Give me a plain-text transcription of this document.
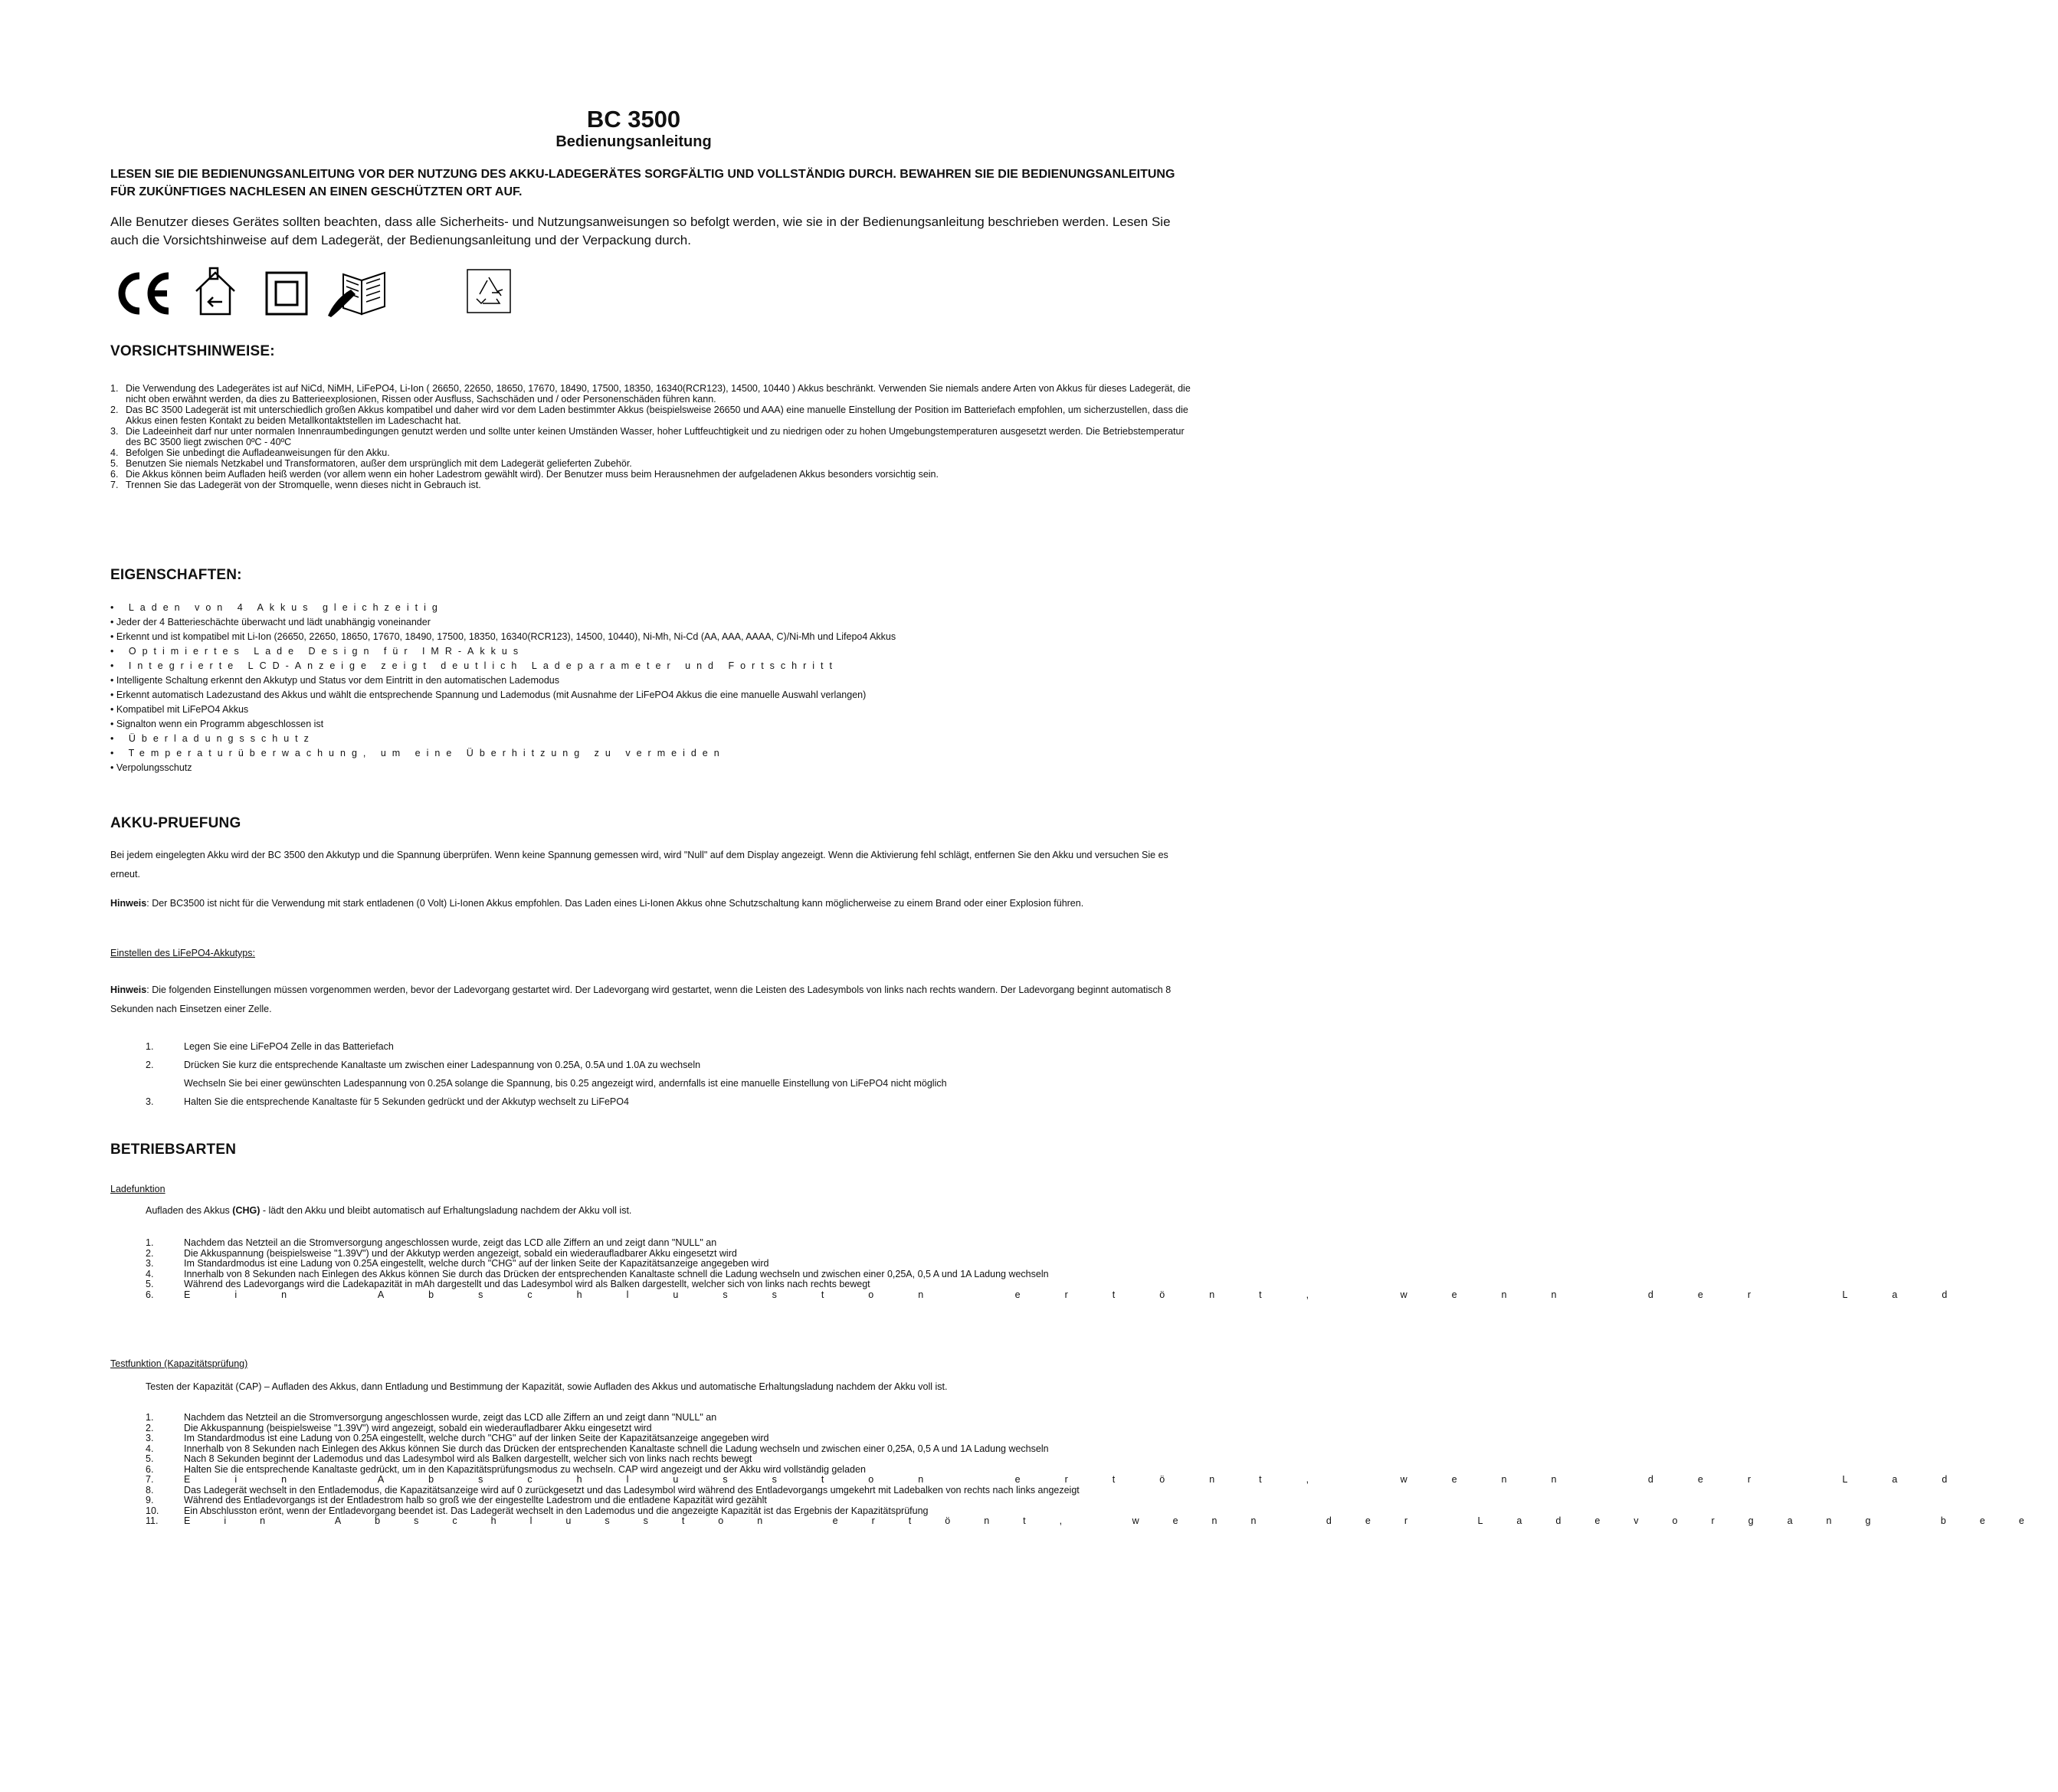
BC 3500
Bedienungsanleitung
LESEN SIE DIE BEDIENUNGSANLEITUNG VOR DER NUTZUNG DES AKKU-LADEGERÄTES SORGFÄLTIG UND VOLLSTÄNDIG DURCH. BEWAHREN SIE DIE BEDIENUNGSANLEITUNG FÜR ZUKÜNFTIGES NACHLESEN AN EINEN GESCHÜTZTEN ORT AUF.
Alle Benutzer dieses Gerätes sollten beachten, dass alle Sicherheits- und Nutzungsanweisungen so befolgt werden, wie sie in der Bedienungsanleitung beschrieben werden. Lesen Sie auch die Vorsichtshinweise auf dem Ladegerät, der Bedienungsanleitung und der Verpackung durch.
VORSICHTSHINWEISE:
1. Die Verwendung des Ladegerätes ist auf NiCd, NiMH, LiFePO4, Li-Ion ( 26650, 22650, 18650, 17670, 18490, 17500, 18350, 16340(RCR123), 14500, 10440 ) Akkus beschränkt. Verwenden Sie niemals andere Arten von Akkus für dieses Ladegerät, die nicht oben erwähnt werden, da dies zu Batterieexplosionen, Rissen oder Ausfluss, Sachschäden und / oder Personenschäden führen kann.
2. Das BC 3500 Ladegerät ist mit unterschiedlich großen Akkus kompatibel und daher wird vor dem Laden bestimmter Akkus (beispielsweise 26650 und AAA) eine manuelle Einstellung der Position im Batteriefach empfohlen, um sicherzustellen, dass die Akkus einen festen Kontakt zu beiden Metallkontaktstellen im Ladeschacht hat.
3. Die Ladeeinheit darf nur unter normalen Innenraumbedingungen genutzt werden und sollte unter keinen Umständen Wasser, hoher Luftfeuchtigkeit und zu niedrigen oder zu hohen Umgebungstemperaturen ausgesetzt werden. Die Betriebstemperatur des BC 3500 liegt zwischen 0ºC - 40ºC
4. Befolgen Sie unbedingt die Aufladeanweisungen für den Akku.
5. Benutzen Sie niemals Netzkabel und Transformatoren, außer dem ursprünglich mit dem Ladegerät gelieferten Zubehör.
6. Die Akkus können beim Aufladen heiß werden (vor allem wenn ein hoher Ladestrom gewählt wird). Der Benutzer muss beim Herausnehmen der aufgeladenen Akkus besonders vorsichtig sein.
7. Trennen Sie das Ladegerät von der Stromquelle, wenn dieses nicht in Gebrauch ist.
EIGENSCHAFTEN:
• Laden von 4 Akkus gleichzeitig
• Jeder der 4 Batterieschächte überwacht und lädt unabhängig voneinander
• Erkennt und ist kompatibel mit Li-Ion (26650, 22650, 18650, 17670, 18490, 17500, 18350, 16340(RCR123), 14500, 10440), Ni-Mh, Ni-Cd (AA, AAA, AAAA, C)/Ni-Mh und Lifepo4 Akkus
• Optimiertes Lade Design für IMR-Akkus
• Integrierte LCD-Anzeige zeigt deutlich Ladeparameter und Fortschritt
• Intelligente Schaltung erkennt den Akkutyp und Status vor dem Eintritt in den automatischen Lademodus
• Erkennt automatisch Ladezustand des Akkus und wählt die entsprechende Spannung und Lademodus (mit Ausnahme der LiFePO4 Akkus die eine manuelle Auswahl verlangen)
• Kompatibel mit LiFePO4 Akkus
• Signalton wenn ein Programm abgeschlossen ist
• Überladungsschutz
• Temperaturüberwachung, um eine Überhitzung zu vermeiden
• Verpolungsschutz
AKKU-PRUEFUNG
Bei jedem eingelegten Akku wird der BC 3500 den Akkutyp und die Spannung überprüfen. Wenn keine Spannung gemessen wird, wird "Null" auf dem Display angezeigt. Wenn die Aktivierung fehl schlägt, entfernen Sie den Akku und versuchen Sie es erneut.
Hinweis: Der BC3500 ist nicht für die Verwendung mit stark entladenen (0 Volt) Li-Ionen Akkus empfohlen. Das Laden eines Li-Ionen Akkus ohne Schutzschaltung kann möglicherweise zu einem Brand oder einer Explosion führen.
Einstellen des LiFePO4-Akkutyps:
Hinweis: Die folgenden Einstellungen müssen vorgenommen werden, bevor der Ladevorgang gestartet wird. Der Ladevorgang wird gestartet, wenn die Leisten des Ladesymbols von links nach rechts wandern. Der Ladevorgang beginnt automatisch 8 Sekunden nach Einsetzen einer Zelle.
1.	Legen Sie eine LiFePO4 Zelle in das Batteriefach
2.	Drücken Sie kurz die entsprechende Kanaltaste um zwischen einer Ladespannung von 0.25A, 0.5A und 1.0A zu wechseln
Wechseln Sie bei einer gewünschten Ladespannung von 0.25A solange die Spannung, bis 0.25 angezeigt wird, andernfalls ist eine manuelle Einstellung von LiFePO4 nicht möglich
3.	Halten Sie die entsprechende Kanaltaste für 5 Sekunden gedrückt und der Akkutyp wechselt zu LiFePO4
BETRIEBSARTEN
Ladefunktion
Aufladen des Akkus (CHG) - lädt den Akku und bleibt automatisch auf Erhaltungsladung nachdem der Akku voll ist.
1.	Nachdem das Netzteil an die Stromversorgung angeschlossen wurde, zeigt das LCD alle Ziffern an und zeigt dann "NULL" an
2.	Die Akkuspannung (beispielsweise "1.39V") und der Akkutyp werden angezeigt, sobald ein wiederaufladbarer Akku eingesetzt wird
3.	Im Standardmodus ist eine Ladung von 0.25A eingestellt, welche durch "CHG" auf der linken Seite der Kapazitätsanzeige angegeben wird
4.	Innerhalb von 8 Sekunden nach Einlegen des Akkus können Sie durch das Drücken der entsprechenden Kanaltaste schnell die Ladung wechseln und zwischen einer 0,25A, 0,5 A und 1A Ladung wechseln
5.	Während des Ladevorgangs wird die Ladekapazität in mAh dargestellt und das Ladesymbol wird als Balken dargestellt, welcher sich von links nach rechts bewegt
6.	Ein Abschlusston ertönt, wenn der Lad
Testfunktion (Kapazitätsprüfung)
Testen der Kapazität (CAP) – Aufladen des Akkus, dann Entladung und Bestimmung der Kapazität, sowie Aufladen des Akkus und automatische Erhaltungsladung nachdem der Akku voll ist.
1.	Nachdem das Netzteil an die Stromversorgung angeschlossen wurde, zeigt das LCD alle Ziffern an und zeigt dann "NULL" an
2.	Die Akkuspannung (beispielsweise "1.39V") wird angezeigt, sobald ein wiederaufladbarer Akku eingesetzt wird
3.	Im Standardmodus ist eine Ladung von 0.25A eingestellt, welche durch "CHG" auf der linken Seite der Kapazitätsanzeige angegeben wird
4.	Innerhalb von 8 Sekunden nach Einlegen des Akkus können Sie durch das Drücken der entsprechenden Kanaltaste schnell die Ladung wechseln und zwischen einer 0,25A, 0,5 A und 1A Ladung wechseln
5.	Nach 8 Sekunden beginnt der Lademodus und das Ladesymbol wird als Balken dargestellt, welcher sich von links nach rechts bewegt
6.	Halten Sie die entsprechende Kanaltaste gedrückt, um in den Kapazitätsprüfungsmodus zu wechseln. CAP wird angezeigt und der Akku wird vollständig geladen
7.	Ein Abschlusston ertönt, wenn der Lad
8.	Das Ladegerät wechselt in den Entlademodus, die Kapazitätsanzeige wird auf 0 zurückgesetzt und das Ladesymbol wird während des Entladevorgangs umgekehrt mit Ladebalken von rechts nach links angezeigt
9.	Während des Entladevorgangs ist der Entladestrom halb so groß wie der eingestellte Ladestrom und die entladene Kapazität wird gezählt
10.	Ein Abschlusston erönt, wenn der Entladevorgang beendet ist. Das Ladegerät wechselt in den Lademodus und die angezeigte Kapazität ist das Ergebnis der Kapazitätsprüfung
11.	Ein Abschlusston ertönt, wenn der Ladevorgang bee
